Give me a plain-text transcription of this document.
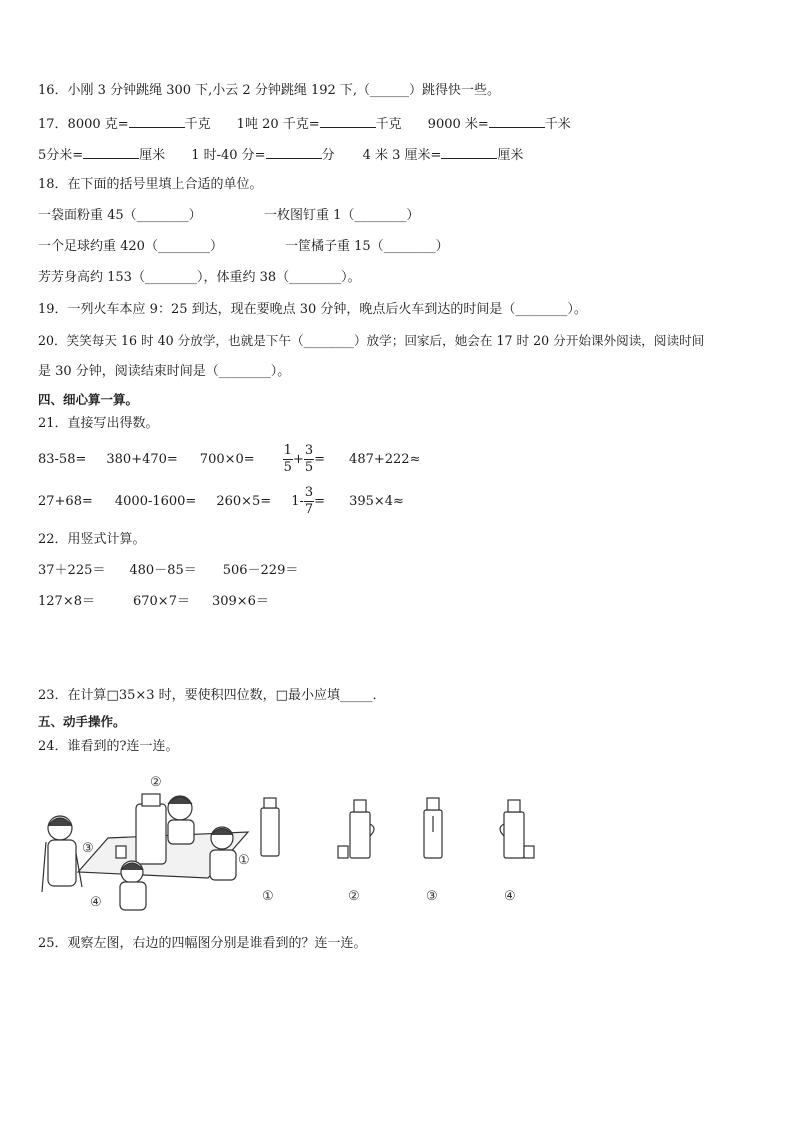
16．小刚 3 分钟跳绳 300 下,小云 2 分钟跳绳 192 下,（______）跳得快一些。
17．8000 克=	千克 1吨 20 千克=	千克 9000 米=	千米
5分米=	厘米 1 时-40 分=	分 4 米 3 厘米=	厘米
18．在下面的括号里填上合适的单位。
一袋面粉重 45（________）	一枚图钉重 1（________）
一个足球约重 420（________）	一筐橘子重 15（________）
芳芳身高约 153（________），体重约 38（________）。
19．一列火车本应 9：25 到达，现在要晚点 30 分钟，晚点后火车到达的时间是（________）。
20．笑笑每天 16 时 40 分放学，也就是下午（________）放学；回家后，她会在 17 时 20 分开始课外阅读，阅读时间
是 30 分钟，阅读结束时间是（________）。
四、细心算一算。
21．直接写出得数。
$83-58= 380+470= 700\times 0= \frac{1}{5} + \frac{3}{5} = 487+222\approx$
$27+68= 4000-1600= 260\times 5= 1- \frac{3}{7} = 395\times 4\approx$
22．用竖式计算。
37＋225＝ 480－85＝ 506－229＝
127×8＝	670×7＝ 309×6＝
23．在计算□35×3 时，要使积四位数，□最小应填_____．
五、动手操作。
24．谁看到的?连一连。
②
③
①
④	①	②	③	④
25．观察左图，右边的四幅图分别是谁看到的？连一连。
